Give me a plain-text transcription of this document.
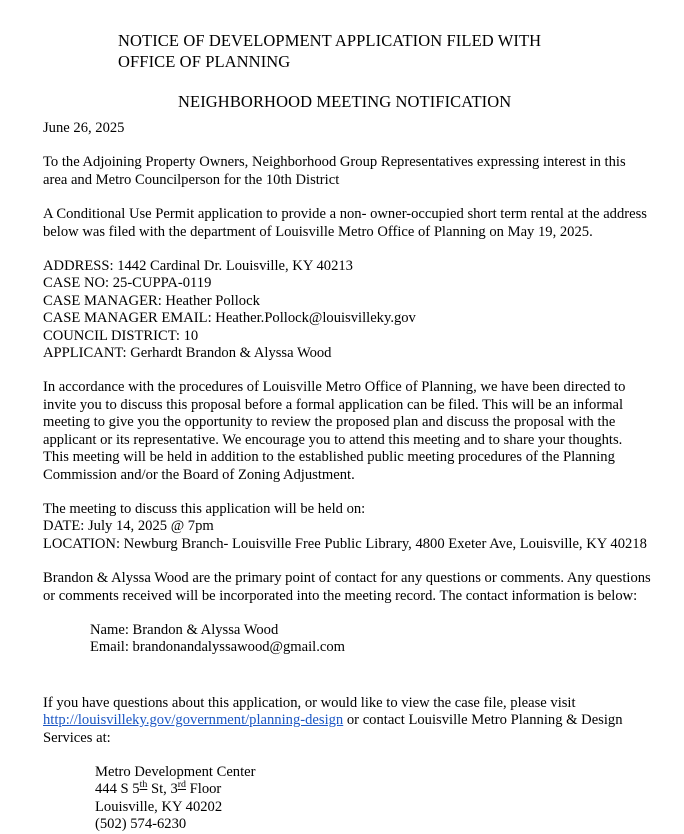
NOTICE OF DEVELOPMENT APPLICATION FILED WITH
OFFICE OF PLANNING
NEIGHBORHOOD MEETING NOTIFICATION

June 26, 2025

To the Adjoining Property Owners, Neighborhood Group Representatives expressing interest in this area and Metro Councilperson for the 10th District

A Conditional Use Permit application to provide a non- owner-occupied short term rental at the address below was filed with the department of Louisville Metro Office of Planning on May 19, 2025.

ADDRESS: 1442 Cardinal Dr. Louisville, KY 40213
CASE NO: 25-CUPPA-0119
CASE MANAGER: Heather Pollock
CASE MANAGER EMAIL: Heather.Pollock@louisvilleky.gov
COUNCIL DISTRICT: 10
APPLICANT: Gerhardt Brandon & Alyssa Wood

In accordance with the procedures of Louisville Metro Office of Planning, we have been directed to invite you to discuss this proposal before a formal application can be filed. This will be an informal meeting to give you the opportunity to review the proposed plan and discuss the proposal with the applicant or its representative. We encourage you to attend this meeting and to share your thoughts. This meeting will be held in addition to the established public meeting procedures of the Planning Commission and/or the Board of Zoning Adjustment.

The meeting to discuss this application will be held on:
DATE: July 14, 2025 @ 7pm
LOCATION: Newburg Branch- Louisville Free Public Library, 4800 Exeter Ave, Louisville, KY 40218

Brandon & Alyssa Wood are the primary point of contact for any questions or comments. Any questions or comments received will be incorporated into the meeting record. The contact information is below:

Name: Brandon & Alyssa Wood
Email: brandonandalyssawood@gmail.com

If you have questions about this application, or would like to view the case file, please visit
http://louisvilleky.gov/government/planning-design or contact Louisville Metro Planning & Design Services at:

Metro Development Center
444 S 5th St, 3rd Floor
Louisville, KY 40202
(502) 574-6230
